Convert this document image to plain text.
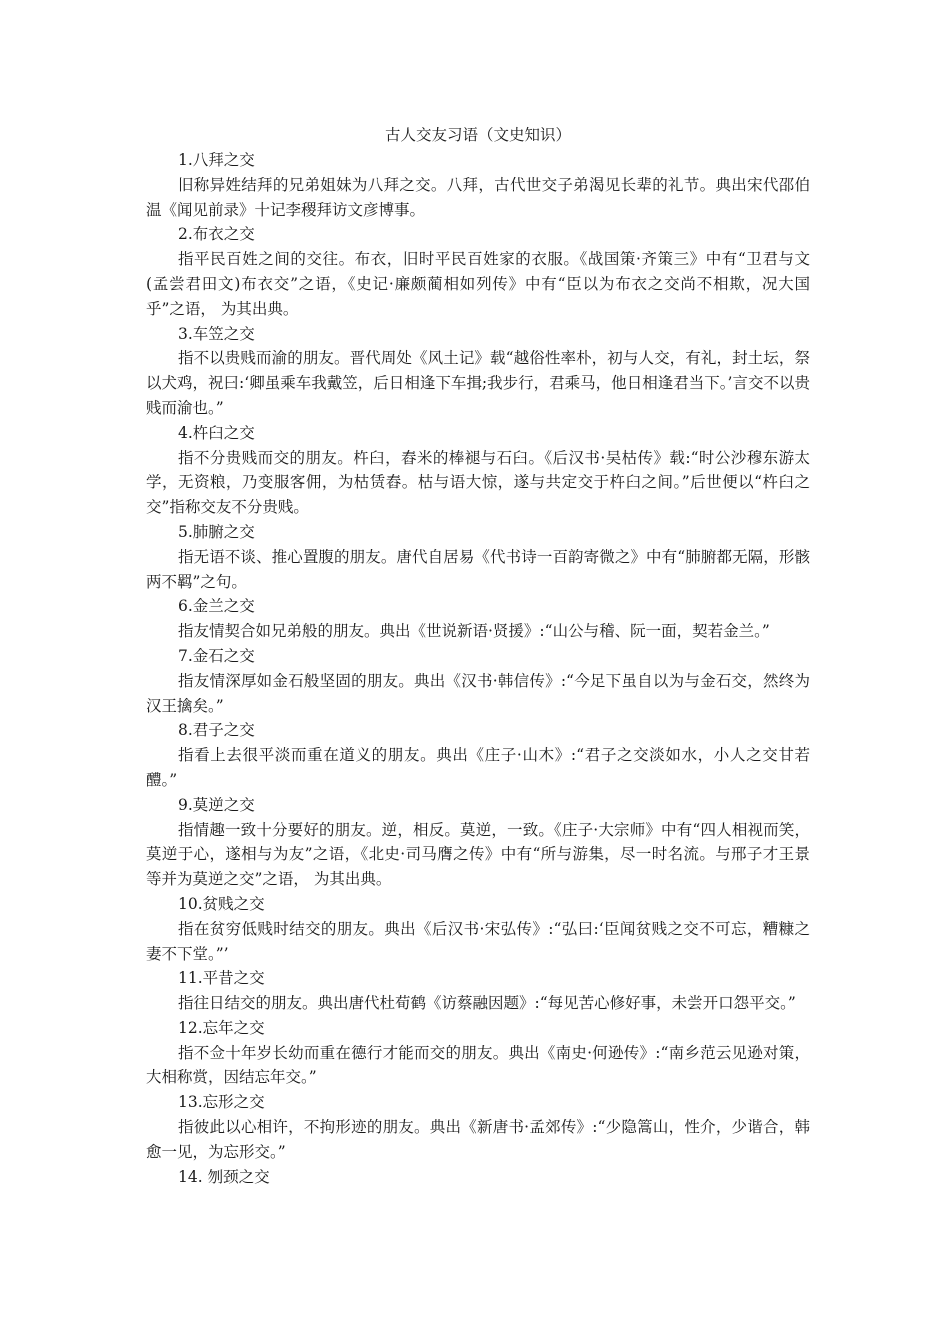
古人交友习语（文史知识）

1.八拜之交

旧称异姓结拜的兄弟姐妹为八拜之交。八拜，古代世交子弟渴见长辈的礼节。典出宋代邵伯温《闻见前录》十记李稷拜访文彦博事。

2.布衣之交

指平民百姓之间的交往。布衣，旧时平民百姓家的衣服。《战国策·齐策三》中有“卫君与文 (孟尝君田文)布衣交”之语，《史记·廉颇蔺相如列传》中有“臣以为布衣之交尚不相欺，况大国乎”之语， 为其出典。

3.车笠之交

指不以贵贱而渝的朋友。晋代周处《风土记》载“越俗性率朴，初与人交，有礼，封土坛，祭以犬鸡，祝曰:‘卿虽乘车我戴笠，后日相逢下车揖;我步行，君乘马，他日相逢君当下。’言交不以贵贱而渝也。”

4.杵臼之交

指不分贵贱而交的朋友。杵臼，舂米的棒褪与石臼。《后汉书·吴枯传》载:“时公沙穆东游太学，无资粮，乃变服客佣，为枯赁舂。枯与语大惊，遂与共定交于杵臼之间。”后世便以“杵臼之交”指称交友不分贵贱。

5.肺腑之交

指无语不谈、推心置腹的朋友。唐代自居易《代书诗一百韵寄微之》中有“肺腑都无隔，形骸两不羁”之句。

6.金兰之交

指友情契合如兄弟般的朋友。典出《世说新语·贤援》:“山公与稽、阮一面，契若金兰。”

7.金石之交

指友情深厚如金石般坚固的朋友。典出《汉书·韩信传》:“今足下虽自以为与金石交，然终为汉王擒矣。”

8.君子之交

指看上去很平淡而重在道义的朋友。典出《庄子·山木》:“君子之交淡如水，小人之交甘若醴。”

9.莫逆之交

指情趣一致十分要好的朋友。逆，相反。莫逆，一致。《庄子·大宗师》中有“四人相视而笑，莫逆于心，遂相与为友”之语，《北史·司马膺之传》中有“所与游集，尽一时名流。与邢子才王景等并为莫逆之交”之语， 为其出典。

10.贫贱之交

指在贫穷低贱时结交的朋友。典出《后汉书·宋弘传》:“弘曰:‘臣闻贫贱之交不可忘，糟糠之妻不下堂。”’

11.平昔之交

指往日结交的朋友。典出唐代杜荀鹤《访蔡融因题》:“每见苦心修好事，未尝开口怨平交。”

12.忘年之交

指不佥十年岁长幼而重在德行才能而交的朋友。典出《南史·何逊传》:“南乡范云见逊对策，大相称赏，因结忘年交。”

13.忘形之交

指彼此以心相许，不拘形迹的朋友。典出《新唐书·孟郊传》:“少隐篙山，性介，少谐合，韩愈一见，为忘形交。”

14. 刎颈之交
